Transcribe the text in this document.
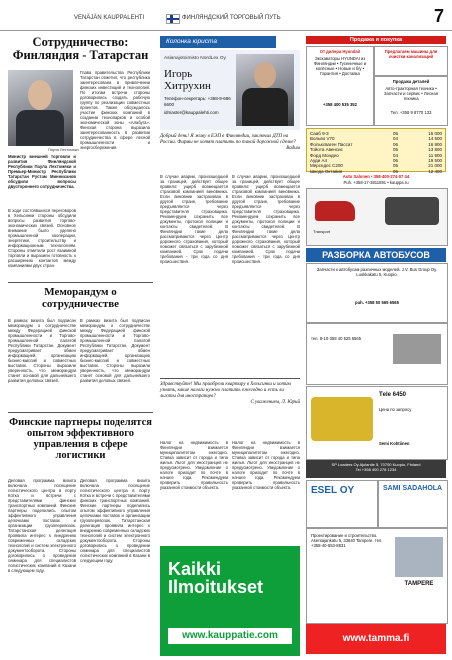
VENÄJÄN KAUPPALEHTI	ФИНЛЯНДСКИЙ ТОРГОВЫЙ ПУТЬ	7
Сотрудничество: Финляндия - Татарстан
Паула Лехтомяки
Министр внешней торговли и развития Финляндской Республики Паула Лехтомяки и Премьер-Министр Республики Татарстан Рустам Минниханов обсудили вопросы двустороннего сотрудничества.
В ходе состоявшихся переговоров в Хельсинки стороны обсудили вопросы развития торгово-экономических связей. Основное внимание было уделено промышленной кооперации, энергетике, строительству и информационным технологиям. Стороны отметили рост взаимной торговли и выразили готовность к расширению контактов между компаниями двух стран.
Глава правительства Республики Татарстан отметил, что республика заинтересована в привлечении финских инвестиций и технологий. По итогам встречи стороны договорились создать рабочую группу по реализации совместных проектов. Также обсуждалось участие финских компаний в создании технопарков и особой экономической зоны «Алабуга». Финская сторона выразила заинтересованность в развитии сотрудничества в сфере лесной промышленности и энергосбережения.
Меморандум о сотрудничестве
В рамках визита был подписан меморандум о сотрудничестве между Федерацией финской промышленности и Торгово-промышленной палатой Республики Татарстан. Документ предусматривает обмен информацией, организацию бизнес-миссий и совместных выставок. Стороны выразили уверенность, что меморандум станет основой для дальнейшего развития деловых связей.
В рамках визита был подписан меморандум о сотрудничестве между Федерацией финской промышленности и Торгово-промышленной палатой Республики Татарстан. Документ предусматривает обмен информацией, организацию бизнес-миссий и совместных выставок. Стороны выразили уверенность, что меморандум станет основой для дальнейшего развития деловых связей.
Финские партнеры поделятся опытом эффективного управления в сфере логистики
Деловая программа визита включала посещение логистического центра в порту Котка и встречи с представителями финских транспортных компаний. Финские партнеры поделились опытом эффективного управления цепочками поставок и организации грузоперевозок. Татарстанская делегация проявила интерес к внедрению современных складских технологий и систем электронного документооборота. Стороны договорились о проведении семинара для специалистов логистических компаний в Казани в следующем году.
Деловая программа визита включала посещение логистического центра в порту Котка и встречи с представителями финских транспортных компаний. Финские партнеры поделились опытом эффективного управления цепочками поставок и организации грузоперевозок. Татарстанская делегация проявила интерес к внедрению современных складских технологий и систем электронного документооборота. Стороны договорились о проведении семинара для специалистов логистических компаний в Казани в следующем году.
Колонка юриста
Asianajotoimisto NordLex Oy
Игорь Хитрухин
Телефон-секретарь: +358-9-686 6600
idmaster@kauppalehti.com
Добрый день! Я живу в ЕЭП в Финляндии, заключил ДТП на России. Фирмы не хотят платить по такой дорожной сделке?
Вадим
В случае аварии, произошедшей за границей, действует общее правило: ущерб возмещается страховой компанией виновника. Если виновник застрахован в другой стране, требование предъявляется через представителя страховщика. Рекомендуем сохранить все документы, протокол полиции и контакты свидетелей. В Финляндии такие дела рассматриваются через Центр дорожного страхования, который поможет связаться с зарубежной компанией. Срок подачи требования - три года со дня происшествия.
В случае аварии, произошедшей за границей, действует общее правило: ущерб возмещается страховой компанией виновника. Если виновник застрахован в другой стране, требование предъявляется через представителя страховщика. Рекомендуем сохранить все документы, протокол полиции и контакты свидетелей. В Финляндии такие дела рассматриваются через Центр дорожного страхования, который поможет связаться с зарубежной компанией. Срок подачи требования - три года со дня происшествия.
Здравствуйте! Мы приобрели квартиру в Хельсинки и хотим узнать, какие налоги нужно платить ежегодно и есть ли льготы для иностранцев?
С уважением, Л. Юрий
Налог на недвижимость в Финляндии взимается муниципалитетом ежегодно. Ставка зависит от города и типа жилья. Льгот для иностранцев не предусмотрено. Уведомление о налоге приходит по почте в начале года. Рекомендуем проверить правильность указанной стоимости объекта.
Налог на недвижимость в Финляндии взимается муниципалитетом ежегодно. Ставка зависит от города и типа жилья. Льгот для иностранцев не предусмотрено. Уведомление о налоге приходит по почте в начале года. Рекомендуем проверить правильность указанной стоимости объекта.
Kaikki Ilmoitukset
www.kauppatie.com
Продажа и покупка
От дилера Hyundai!
Экскаваторы HYUNDAI из Финляндии • Гусеничные и колёсные • Новые и б/у • Гарантия • Доставка
+358 400 535 352
Предлагаем машины для очистки канализаций
Продажа деталей
Авто-тракторная техника • Запчасти и сервис • Лесная техника
Тел. +358 9 8770 133
Сааб 9-3	05	15 000
Вольво V70	04	14 500
Фольксваген Пассат	06	16 900
Тойота Авенсис	05	13 800
Форд Мондео	04	11 900
Ауди A4	06	19 500
Мерседес C200	05	21 000
Шкода Октавия	06	12 400
Auto Salonen • 358-400-274-07 44
Puh. +358-17-3811891 • kauppa.ru
Тransport
РАЗБОРКА АВТОБУСОВ
Запчасти к автобусам различных моделей. J.V. Bus Group Oy. Luokkakatu 5, Kuopio.
puh. +358 50 565 6565
тел. 8-10-358 40 525 6565
Тele 6450
Цена по запросу
Semi Kohtiinen
SP Loaders Oy Ajolantie 5, 70700 Kuopio, Finland
Tel +358 400 278 1234
ESEL OY	SAMI SADAHOLA
Проектирование и строительство. Asentajankatu 5, 33840 Tampere. тел. +358-40-553-8831
TAMPERE
www.tamma.fi
